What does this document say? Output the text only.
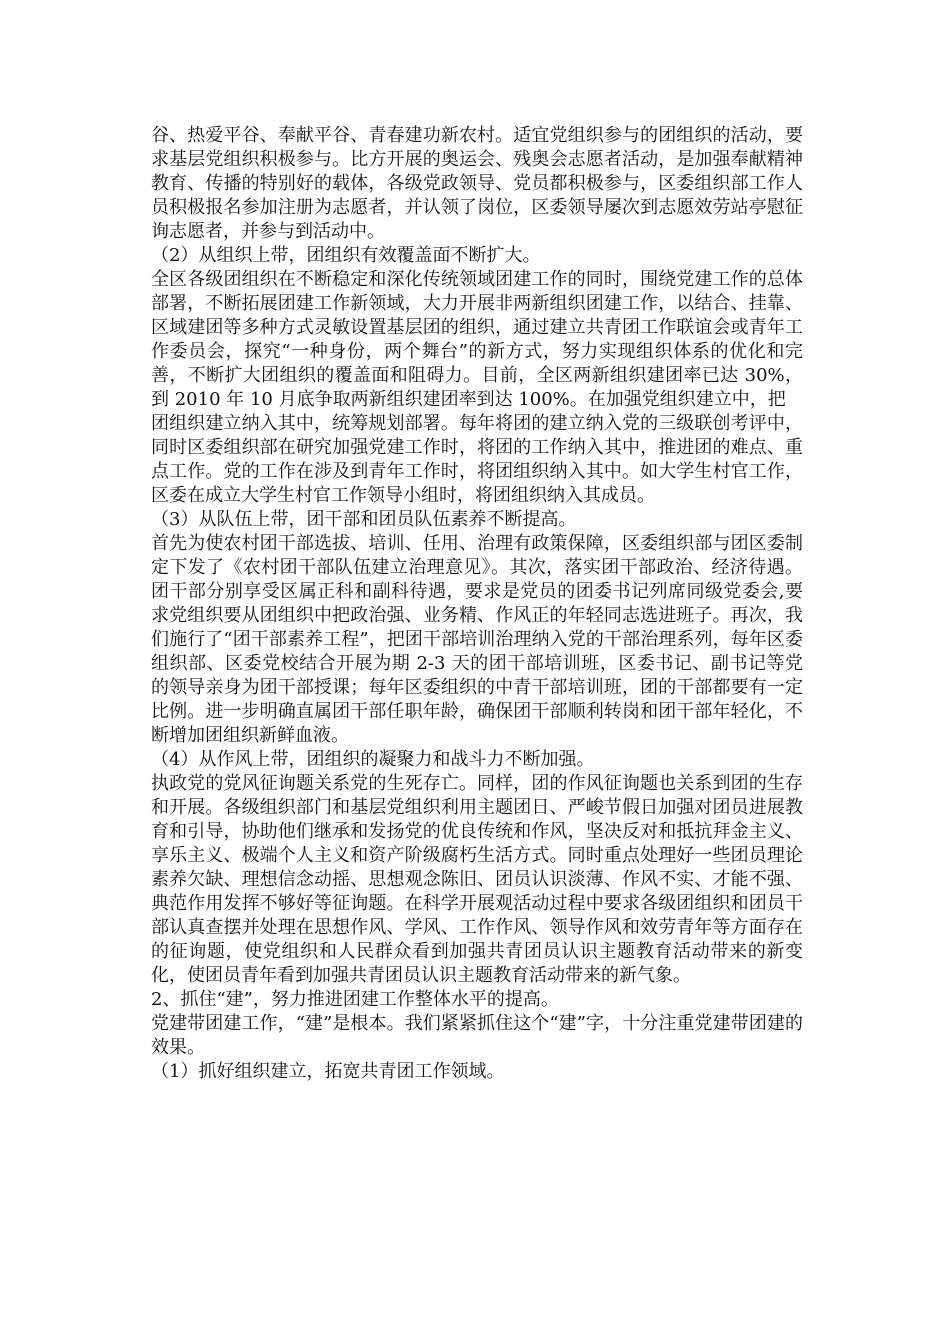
谷、热爱平谷、奉献平谷、青春建功新农村。适宜党组织参与的团组织的活动，要求基层党组织积极参与。比方开展的奥运会、残奥会志愿者活动，是加强奉献精神教育、传播的特别好的载体，各级党政领导、党员都积极参与，区委组织部工作人员积极报名参加注册为志愿者，并认领了岗位，区委领导屡次到志愿效劳站亭慰征询志愿者，并参与到活动中。

（2）从组织上带，团组织有效覆盖面不断扩大。

全区各级团组织在不断稳定和深化传统领域团建工作的同时，围绕党建工作的总体部署，不断拓展团建工作新领域，大力开展非两新组织团建工作，以结合、挂靠、区域建团等多种方式灵敏设置基层团的组织，通过建立共青团工作联谊会或青年工作委员会，探究“一种身份，两个舞台”的新方式，努力实现组织体系的优化和完善，不断扩大团组织的覆盖面和阻碍力。目前，全区两新组织建团率已达 30%，到 2010 年 10 月底争取两新组织建团率到达 100%。在加强党组织建立中，把

团组织建立纳入其中，统筹规划部署。每年将团的建立纳入党的三级联创考评中，同时区委组织部在研究加强党建工作时，将团的工作纳入其中，推进团的难点、重点工作。党的工作在涉及到青年工作时，将团组织纳入其中。如大学生村官工作，区委在成立大学生村官工作领导小组时，将团组织纳入其成员。

（3）从队伍上带，团干部和团员队伍素养不断提高。

首先为使农村团干部选拔、培训、任用、治理有政策保障，区委组织部与团区委制定下发了《农村团干部队伍建立治理意见》。其次，落实团干部政治、经济待遇。团干部分别享受区属正科和副科待遇，要求是党员的团委书记列席同级党委会,要求党组织要从团组织中把政治强、业务精、作风正的年轻同志选进班子。再次，我们施行了“团干部素养工程”，把团干部培训治理纳入党的干部治理系列，每年区委组织部、区委党校结合开展为期 2-3 天的团干部培训班，区委书记、副书记等党的领导亲身为团干部授课；每年区委组织的中青干部培训班，团的干部都要有一定比例。进一步明确直属团干部任职年龄，确保团干部顺利转岗和团干部年轻化，不断增加团组织新鲜血液。

（4）从作风上带，团组织的凝聚力和战斗力不断加强。

执政党的党风征询题关系党的生死存亡。同样，团的作风征询题也关系到团的生存和开展。各级组织部门和基层党组织利用主题团日、严峻节假日加强对团员进展教育和引导，协助他们继承和发扬党的优良传统和作风，坚决反对和抵抗拜金主义、享乐主义、极端个人主义和资产阶级腐朽生活方式。同时重点处理好一些团员理论素养欠缺、理想信念动摇、思想观念陈旧、团员认识淡薄、作风不实、才能不强、典范作用发挥不够好等征询题。在科学开展观活动过程中要求各级团组织和团员干部认真查摆并处理在思想作风、学风、工作作风、领导作风和效劳青年等方面存在的征询题，使党组织和人民群众看到加强共青团员认识主题教育活动带来的新变化，使团员青年看到加强共青团员认识主题教育活动带来的新气象。

2、抓住“建”，努力推进团建工作整体水平的提高。

党建带团建工作，“建”是根本。我们紧紧抓住这个“建”字，十分注重党建带团建的效果。

（1）抓好组织建立，拓宽共青团工作领域。
